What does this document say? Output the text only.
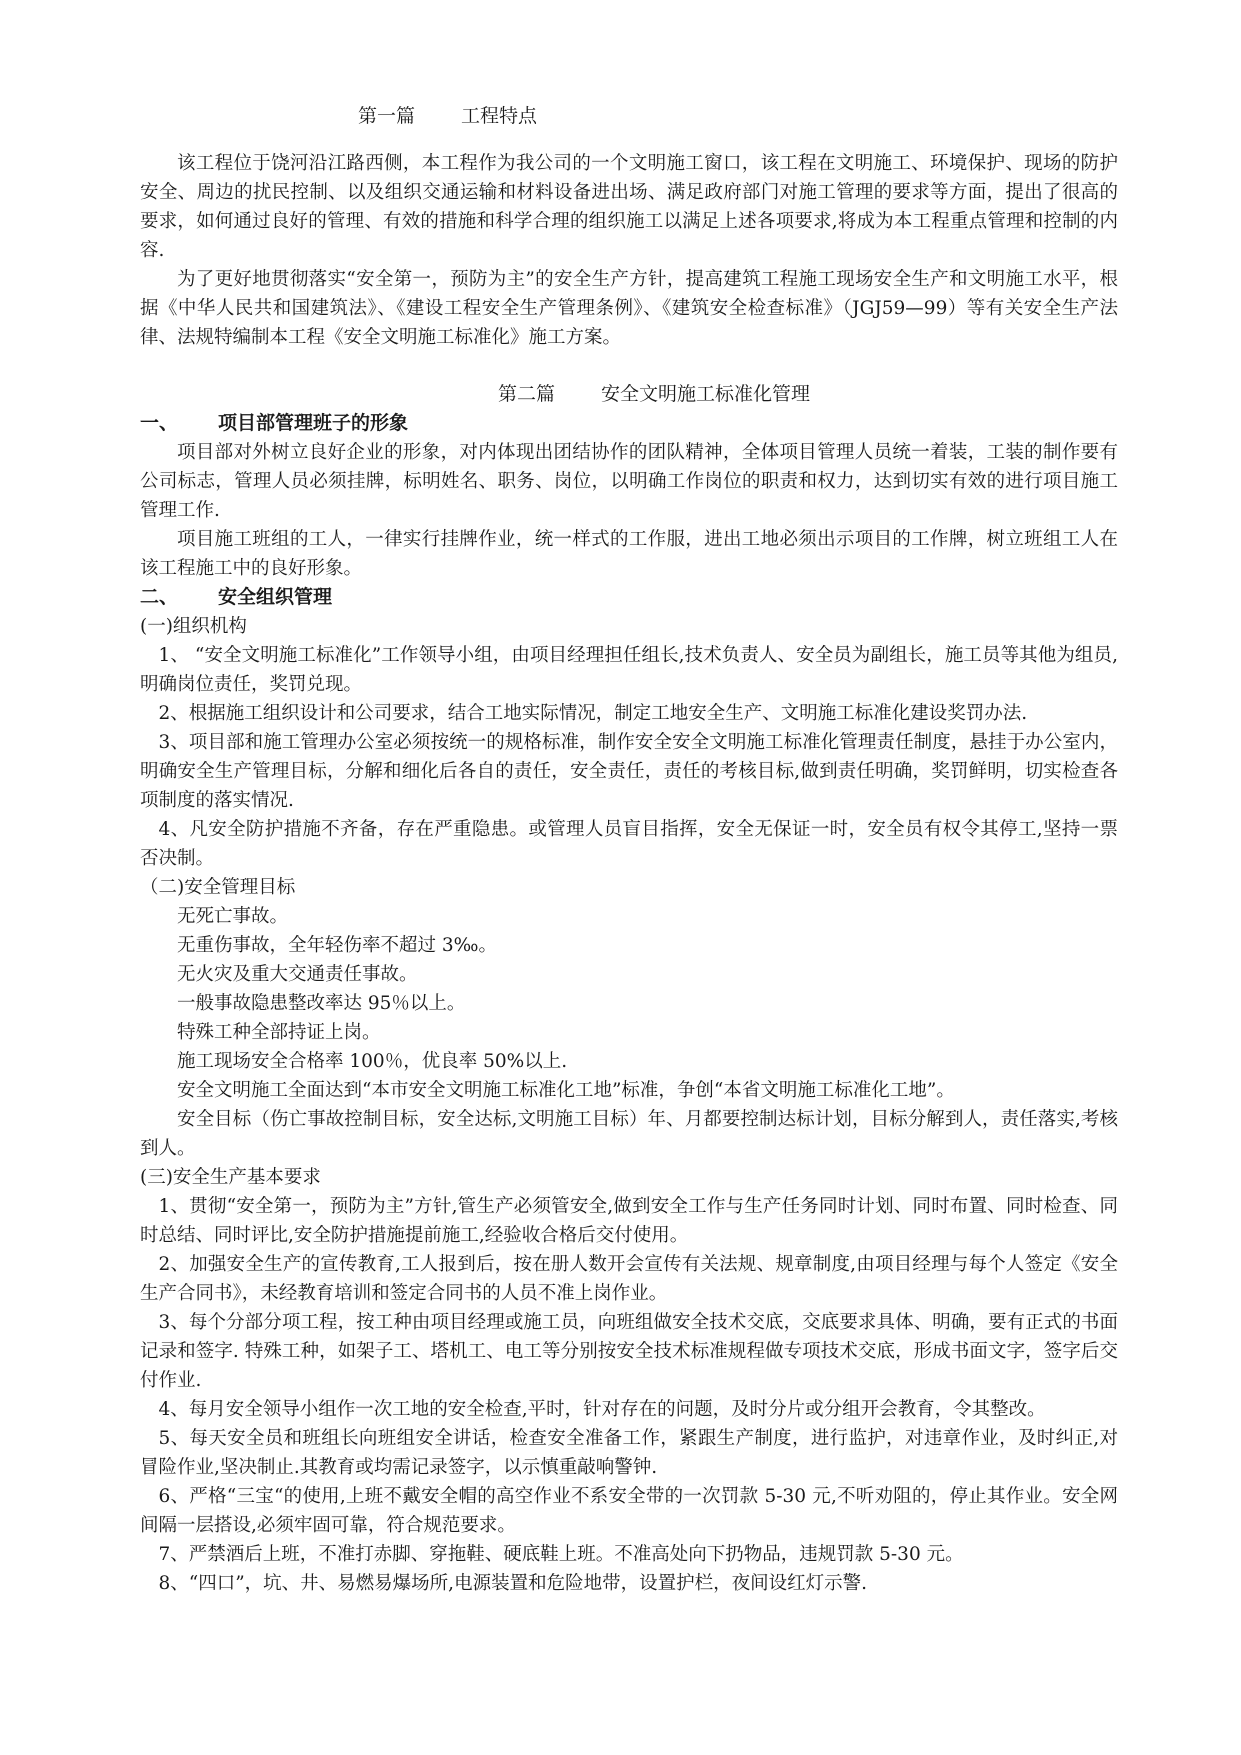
第一篇 工程特点

该工程位于饶河沿江路西侧，本工程作为我公司的一个文明施工窗口，该工程在文明施工、环境保护、现场的防护安全、周边的扰民控制、以及组织交通运输和材料设备进出场、满足政府部门对施工管理的要求等方面，提出了很高的要求，如何通过良好的管理、有效的措施和科学合理的组织施工以满足上述各项要求,将成为本工程重点管理和控制的内容.

为了更好地贯彻落实“安全第一，预防为主”的安全生产方针，提高建筑工程施工现场安全生产和文明施工水平，根据《中华人民共和国建筑法》、《建设工程安全生产管理条例》、《建筑安全检查标准》（JGJ59—99）等有关安全生产法律、法规特编制本工程《安全文明施工标准化》施工方案。

第二篇 安全文明施工标准化管理

一、 项目部管理班子的形象

项目部对外树立良好企业的形象，对内体现出团结协作的团队精神，全体项目管理人员统一着装，工装的制作要有公司标志，管理人员必须挂牌，标明姓名、职务、岗位，以明确工作岗位的职责和权力，达到切实有效的进行项目施工管理工作.

项目施工班组的工人，一律实行挂牌作业，统一样式的工作服，进出工地必须出示项目的工作牌，树立班组工人在该工程施工中的良好形象。

二、 安全组织管理

(一)组织机构

1、 “安全文明施工标准化”工作领导小组，由项目经理担任组长,技术负责人、安全员为副组长，施工员等其他为组员,明确岗位责任，奖罚兑现。

2、根据施工组织设计和公司要求，结合工地实际情况，制定工地安全生产、文明施工标准化建设奖罚办法.

3、项目部和施工管理办公室必须按统一的规格标准，制作安全安全文明施工标准化管理责任制度，悬挂于办公室内，明确安全生产管理目标，分解和细化后各自的责任，安全责任，责任的考核目标,做到责任明确，奖罚鲜明，切实检查各项制度的落实情况.

4、凡安全防护措施不齐备，存在严重隐患。或管理人员盲目指挥，安全无保证一时，安全员有权令其停工,坚持一票否决制。

（二)安全管理目标

无死亡事故。

无重伤事故，全年轻伤率不超过 3‰。

无火灾及重大交通责任事故。

一般事故隐患整改率达 95％以上。

特殊工种全部持证上岗。

施工现场安全合格率 100％，优良率 50%以上.

安全文明施工全面达到“本市安全文明施工标准化工地”标准，争创“本省文明施工标准化工地”。

安全目标（伤亡事故控制目标，安全达标,文明施工目标）年、月都要控制达标计划，目标分解到人，责任落实,考核到人。

(三)安全生产基本要求

1、贯彻“安全第一，预防为主”方针,管生产必须管安全,做到安全工作与生产任务同时计划、同时布置、同时检查、同时总结、同时评比,安全防护措施提前施工,经验收合格后交付使用。

2、加强安全生产的宣传教育,工人报到后，按在册人数开会宣传有关法规、规章制度,由项目经理与每个人签定《安全生产合同书》，未经教育培训和签定合同书的人员不准上岗作业。

3、每个分部分项工程，按工种由项目经理或施工员，向班组做安全技术交底，交底要求具体、明确，要有正式的书面记录和签字. 特殊工种，如架子工、塔机工、电工等分别按安全技术标准规程做专项技术交底，形成书面文字，签字后交付作业.

4、每月安全领导小组作一次工地的安全检查,平时，针对存在的问题，及时分片或分组开会教育，令其整改。

5、每天安全员和班组长向班组安全讲话，检查安全准备工作，紧跟生产制度，进行监护，对违章作业，及时纠正,对冒险作业,坚决制止.其教育或均需记录签字，以示慎重敲响警钟.

6、严格“三宝“的使用,上班不戴安全帽的高空作业不系安全带的一次罚款 5-30 元,不听劝阻的，停止其作业。安全网间隔一层搭设,必须牢固可靠，符合规范要求。

7、严禁酒后上班，不准打赤脚、穿拖鞋、硬底鞋上班。不准高处向下扔物品，违规罚款 5-30 元。

8、“四口”，坑、井、易燃易爆场所,电源装置和危险地带，设置护栏，夜间设红灯示警.
